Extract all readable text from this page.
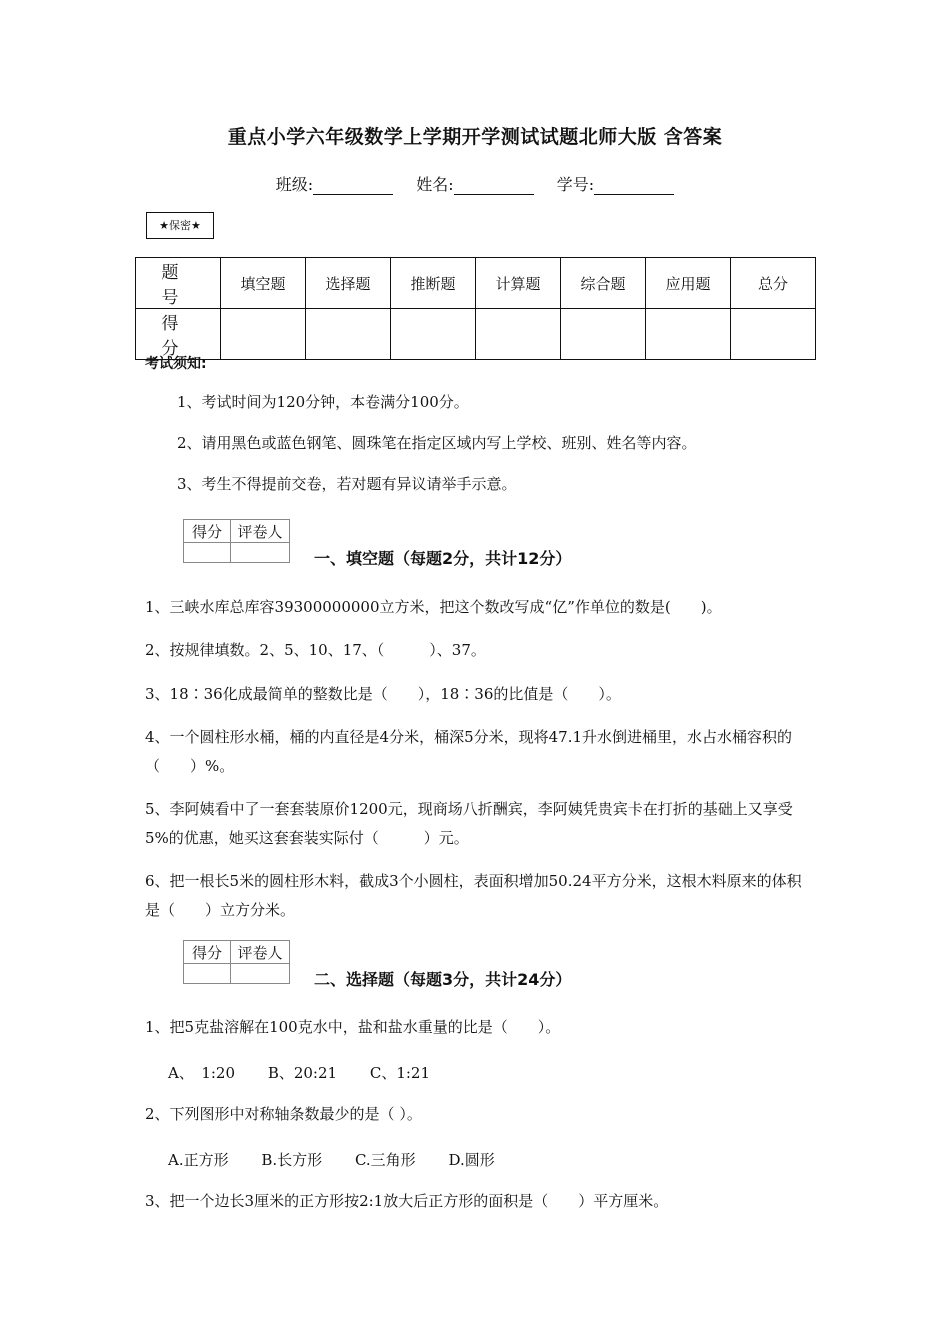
重点小学六年级数学上学期开学测试试题北师大版 含答案
班级:	姓名:	学号:
★保密★
题 号	填空题	选择题	推断题	计算题	综合题	应用题	总分
得 分							
考试须知:
1、考试时间为120分钟，本卷满分100分。
2、请用黑色或蓝色钢笔、圆珠笔在指定区域内写上学校、班别、姓名等内容。
3、考生不得提前交卷，若对题有异议请举手示意。
得分	评卷人

一、填空题（每题2分，共计12分）
1、三峡水库总库容39300000000立方米，把这个数改写成“亿”作单位的数是(　　)。
2、按规律填数。2、5、10、17、（　　　）、37。
3、18∶36化成最简单的整数比是（　　），18∶36的比值是（　　）。
4、一个圆柱形水桶，桶的内直径是4分米，桶深5分米，现将47.1升水倒进桶里，水占水桶容积的（　　）%。
5、李阿姨看中了一套套装原价1200元，现商场八折酬宾，李阿姨凭贵宾卡在打折的基础上又享受5%的优惠，她买这套套装实际付（　　　）元。
6、把一根长5米的圆柱形木料，截成3个小圆柱，表面积增加50.24平方分米，这根木料原来的体积是（　　）立方分米。
得分	评卷人

二、选择题（每题3分，共计24分）
1、把5克盐溶解在100克水中，盐和盐水重量的比是（　　）。
A、　1:20 B、20:21 C、1:21
2、下列图形中对称轴条数最少的是（ ）。
A.正方形 B.长方形 C.三角形 D.圆形
3、把一个边长3厘米的正方形按2:1放大后正方形的面积是（　　）平方厘米。
